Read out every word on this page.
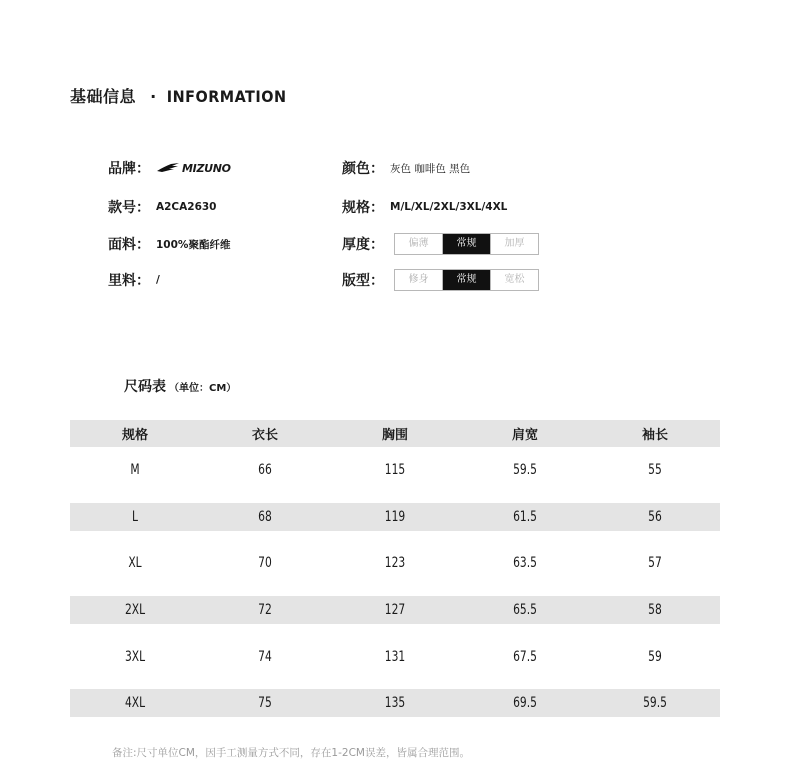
基础信息 · INFORMATION
品牌：	MIZUNO
款号： A2CA2630
面料： 100%聚酯纤维
里料： /
颜色： 灰色 咖啡色 黑色
规格： M/L/XL/2XL/3XL/4XL
厚度：	偏薄	常规	加厚
版型：	修身	常规	宽松
尺码表 （单位：CM）
规格	衣长	胸围	肩宽	袖长
M	66	115	59.5	55
L	68	119	61.5	56
XL	70	123	63.5	57
2XL	72	127	65.5	58
3XL	74	131	67.5	59
4XL	75	135	69.5	59.5
备注:尺寸单位CM，因手工测量方式不同，存在1-2CM误差，皆属合理范围。
